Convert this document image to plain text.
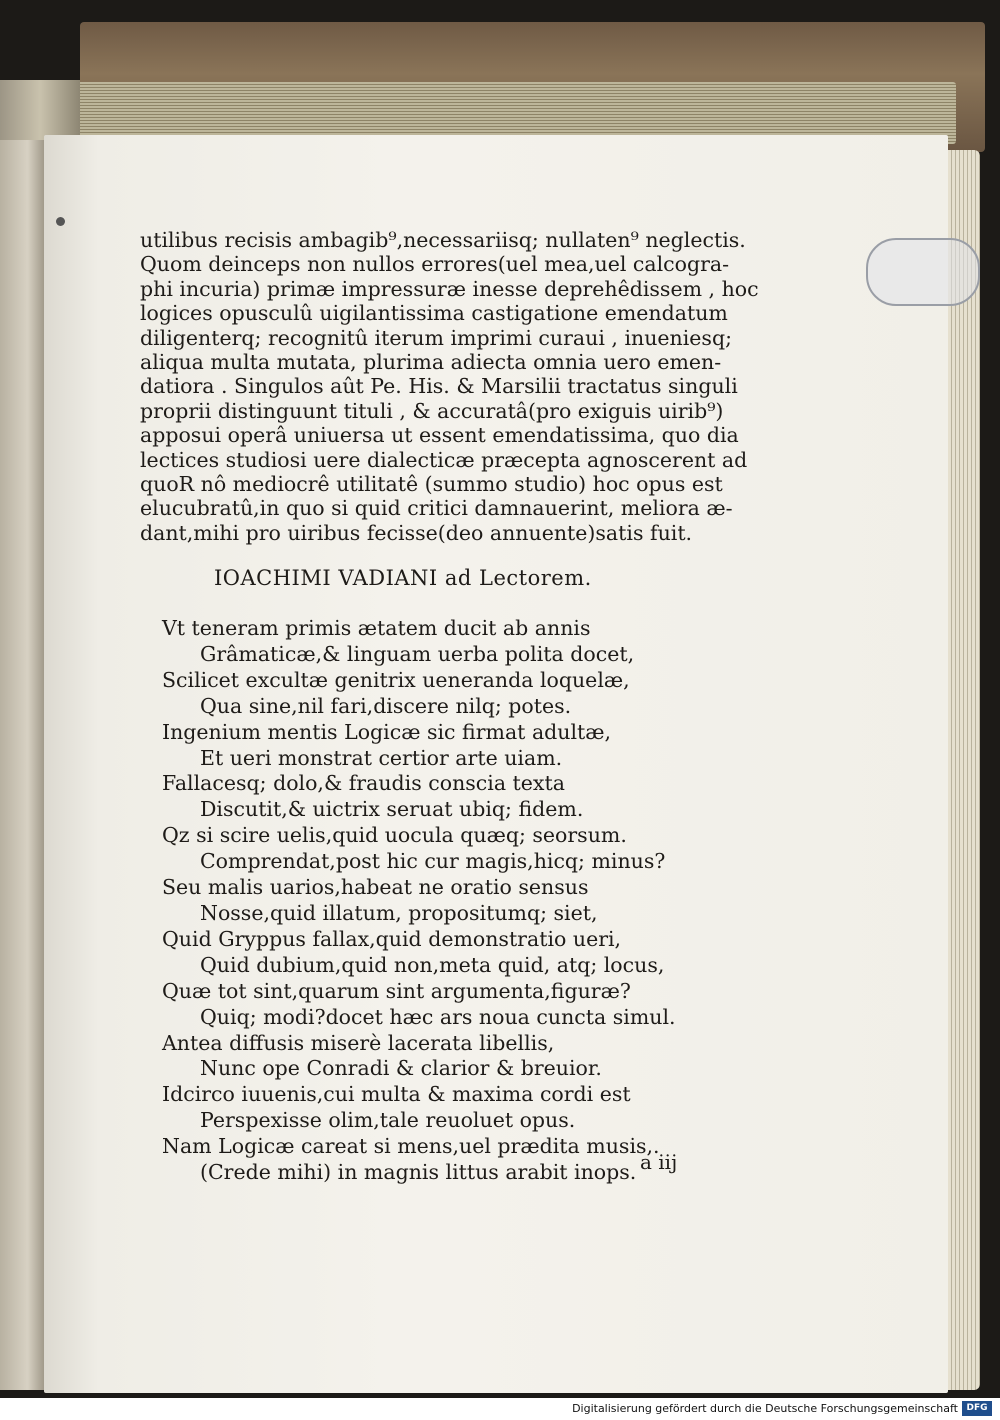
utilibus recisis ambagib⁹,necessariisq; nullaten⁹ neglectis.
Quom deinceps non nullos errores(uel mea,uel calcogra-
phi incuria) primæ impressuræ inesse deprehêdissem , hoc
logices opusculû uigilantissima castigatione emendatum
diligenterq; recognitû iterum imprimi curaui , inueniesq;
aliqua multa mutata, plurima adiecta omnia uero emen-
datiora . Singulos aût Pe. His. & Marsilii tractatus singuli
proprii distinguunt tituli , & accuratâ(pro exiguis uirib⁹)
apposui operâ uniuersa ut essent emendatissima, quo dia
lectices studiosi uere dialecticæ præcepta agnoscerent ad
quoR nô mediocrê utilitatê (summo studio) hoc opus est
elucubratû,in quo si quid critici damnauerint, meliora æ-
dant,mihi pro uiribus fecisse(deo annuente)satis fuit.
IOACHIMI VADIANI ad Lectorem.
Vt teneram primis ætatem ducit ab annis
Grâmaticæ,& linguam uerba polita docet,
Scilicet excultæ genitrix ueneranda loquelæ,
Qua sine,nil fari,discere nilq; potes.
Ingenium mentis Logicæ sic firmat adultæ,
Et ueri monstrat certior arte uiam.
Fallacesq; dolo,& fraudis conscia texta
Discutit,& uictrix seruat ubiq; fidem.
Qz si scire uelis,quid uocula quæq; seorsum.
Comprendat,post hic cur magis,hicq; minus?
Seu malis uarios,habeat ne oratio sensus
Nosse,quid illatum, propositumq; siet,
Quid Gryppus fallax,quid demonstratio ueri,
Quid dubium,quid non,meta quid, atq; locus,
Quæ tot sint,quarum sint argumenta,figuræ?
Quiq; modi?docet hæc ars noua cuncta simul.
Antea diffusis miserè lacerata libellis,
Nunc ope Conradi & clarior & breuior.
Idcirco iuuenis,cui multa & maxima cordi est
Perspexisse olim,tale reuoluet opus.
Nam Logicæ careat si mens,uel prædita musis,.
(Crede mihi) in magnis littus arabit inops. a iij
Digitalisierung gefördert durch die Deutsche Forschungsgemeinschaft DFG
